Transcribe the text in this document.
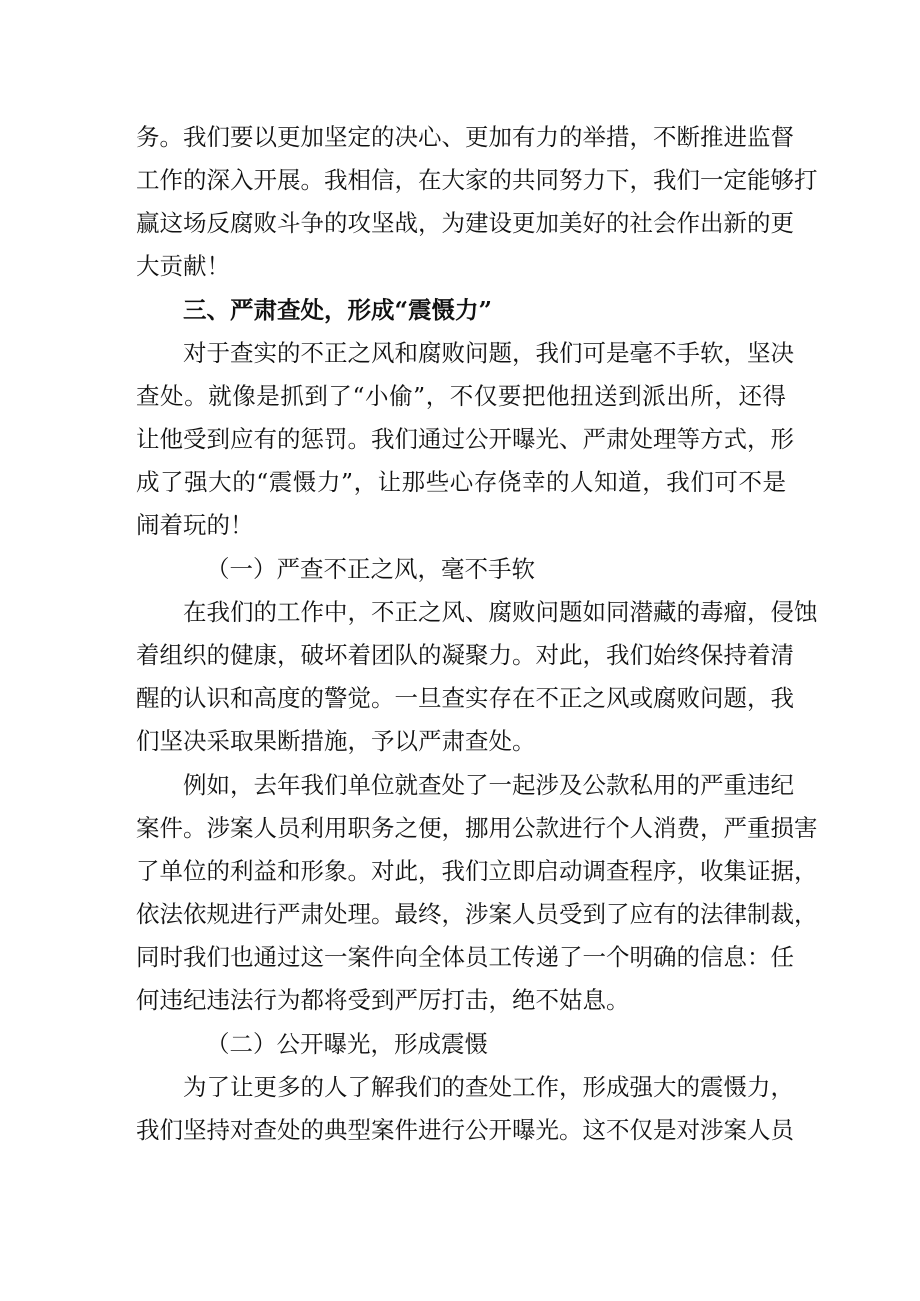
务。我们要以更加坚定的决心、更加有力的举措，不断推进监督
工作的深入开展。我相信，在大家的共同努力下，我们一定能够打
赢这场反腐败斗争的攻坚战，为建设更加美好的社会作出新的更
大贡献！
三、严肃查处，形成“震慑力”
对于查实的不正之风和腐败问题，我们可是毫不手软，坚决
查处。就像是抓到了“小偷”，不仅要把他扭送到派出所，还得
让他受到应有的惩罚。我们通过公开曝光、严肃处理等方式，形
成了强大的“震慑力”，让那些心存侥幸的人知道，我们可不是
闹着玩的！
（一）严查不正之风，毫不手软
在我们的工作中，不正之风、腐败问题如同潜藏的毒瘤，侵蚀
着组织的健康，破坏着团队的凝聚力。对此，我们始终保持着清
醒的认识和高度的警觉。一旦查实存在不正之风或腐败问题，我
们坚决采取果断措施，予以严肃查处。
例如，去年我们单位就查处了一起涉及公款私用的严重违纪
案件。涉案人员利用职务之便，挪用公款进行个人消费，严重损害
了单位的利益和形象。对此，我们立即启动调查程序，收集证据，
依法依规进行严肃处理。最终，涉案人员受到了应有的法律制裁，
同时我们也通过这一案件向全体员工传递了一个明确的信息：任
何违纪违法行为都将受到严厉打击，绝不姑息。
（二）公开曝光，形成震慑
为了让更多的人了解我们的查处工作，形成强大的震慑力，
我们坚持对查处的典型案件进行公开曝光。这不仅是对涉案人员
